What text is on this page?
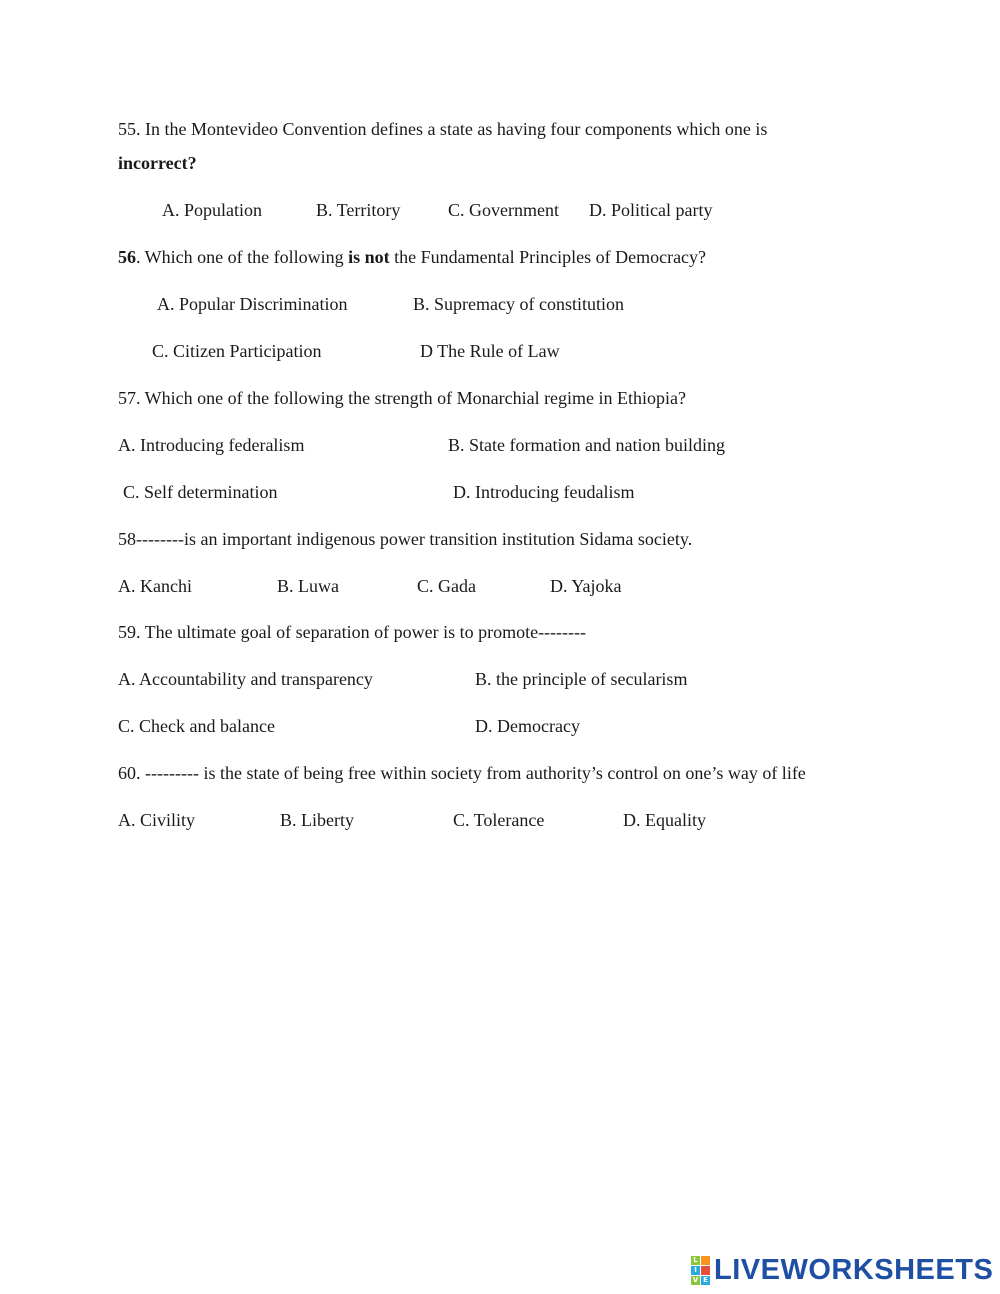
55. In the Montevideo Convention defines a state as having four components which one is
incorrect?
A. Population	B. Territory	C. Government D. Political party
56. Which one of the following is not the Fundamental Principles of Democracy?
A. Popular Discrimination	B. Supremacy of constitution
C. Citizen Participation	D The Rule of Law
57. Which one of the following the strength of Monarchial regime in Ethiopia?
A. Introducing federalism	B. State formation and nation building
C. Self determination	D. Introducing feudalism
58--------is an important indigenous power transition institution Sidama society.
A. Kanchi	B. Luwa	C. Gada	D. Yajoka
59. The ultimate goal of separation of power is to promote--------
A. Accountability and transparency	B. the principle of secularism
C. Check and balance	D. Democracy
60. --------- is the state of being free within society from authority’s control on one’s way of life
A. Civility	B. Liberty	C. Tolerance	D. Equality
L
I
V E LIVEWORKSHEETS
